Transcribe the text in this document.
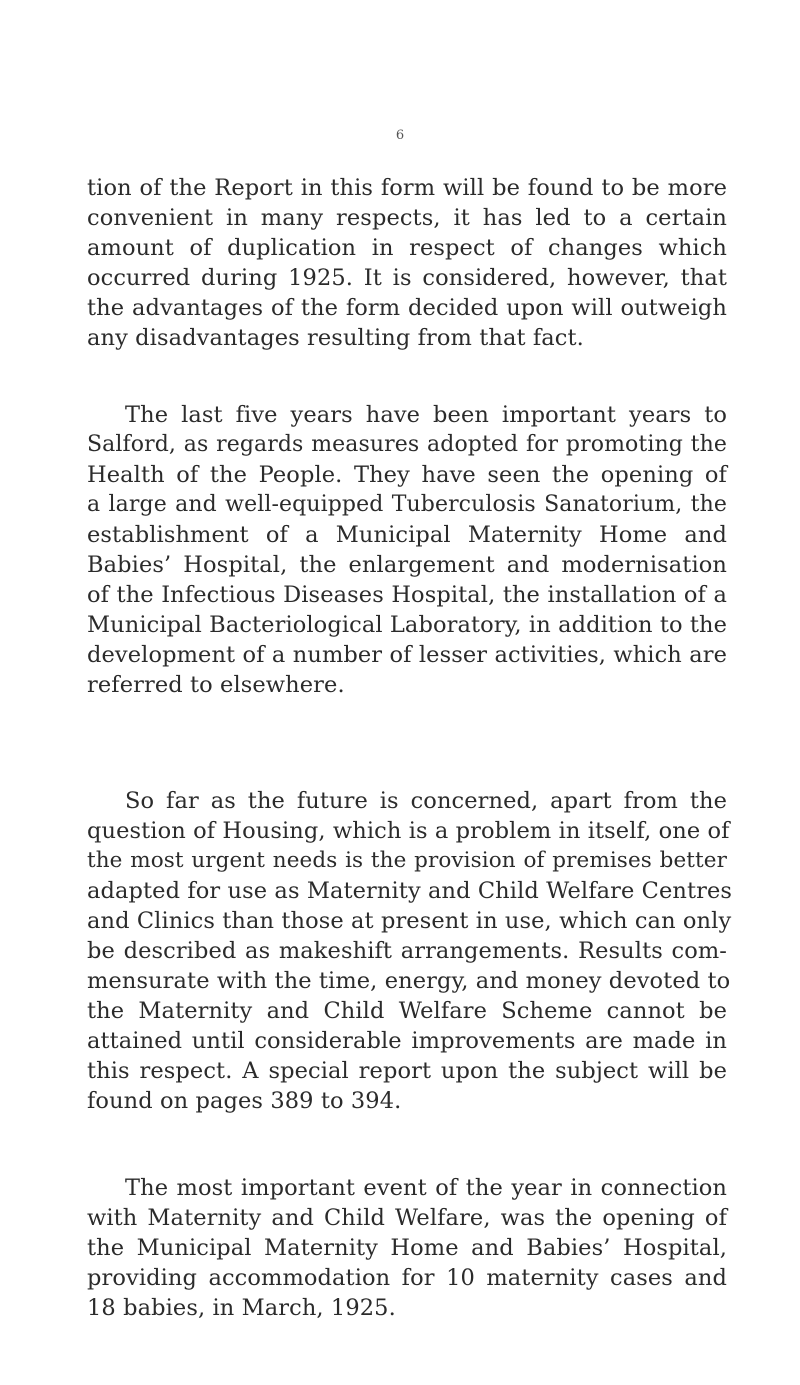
6
tion of the Report in this form will be found to be more
convenient in many respects, it has led to a certain
amount of duplication in respect of changes which
occurred during 1925. It is considered, however, that
the advantages of the form decided upon will outweigh
any disadvantages resulting from that fact.
The last five years have been important years to
Salford, as regards measures adopted for promoting the
Health of the People. They have seen the opening of
a large and well-equipped Tuberculosis Sanatorium, the
establishment of a Municipal Maternity Home and
Babies’ Hospital, the enlargement and modernisation
of the Infectious Diseases Hospital, the installation of a
Municipal Bacteriological Laboratory, in addition to the
development of a number of lesser activities, which are
referred to elsewhere.
So far as the future is concerned, apart from the
question of Housing, which is a problem in itself, one of
the most urgent needs is the provision of premises better
adapted for use as Maternity and Child Welfare Centres
and Clinics than those at present in use, which can only
be described as makeshift arrangements. Results com-
mensurate with the time, energy, and money devoted to
the Maternity and Child Welfare Scheme cannot be
attained until considerable improvements are made in
this respect. A special report upon the subject will be
found on pages 389 to 394.
The most important event of the year in connection
with Maternity and Child Welfare, was the opening of
the Municipal Maternity Home and Babies’ Hospital,
providing accommodation for 10 maternity cases and
18 babies, in March, 1925.
